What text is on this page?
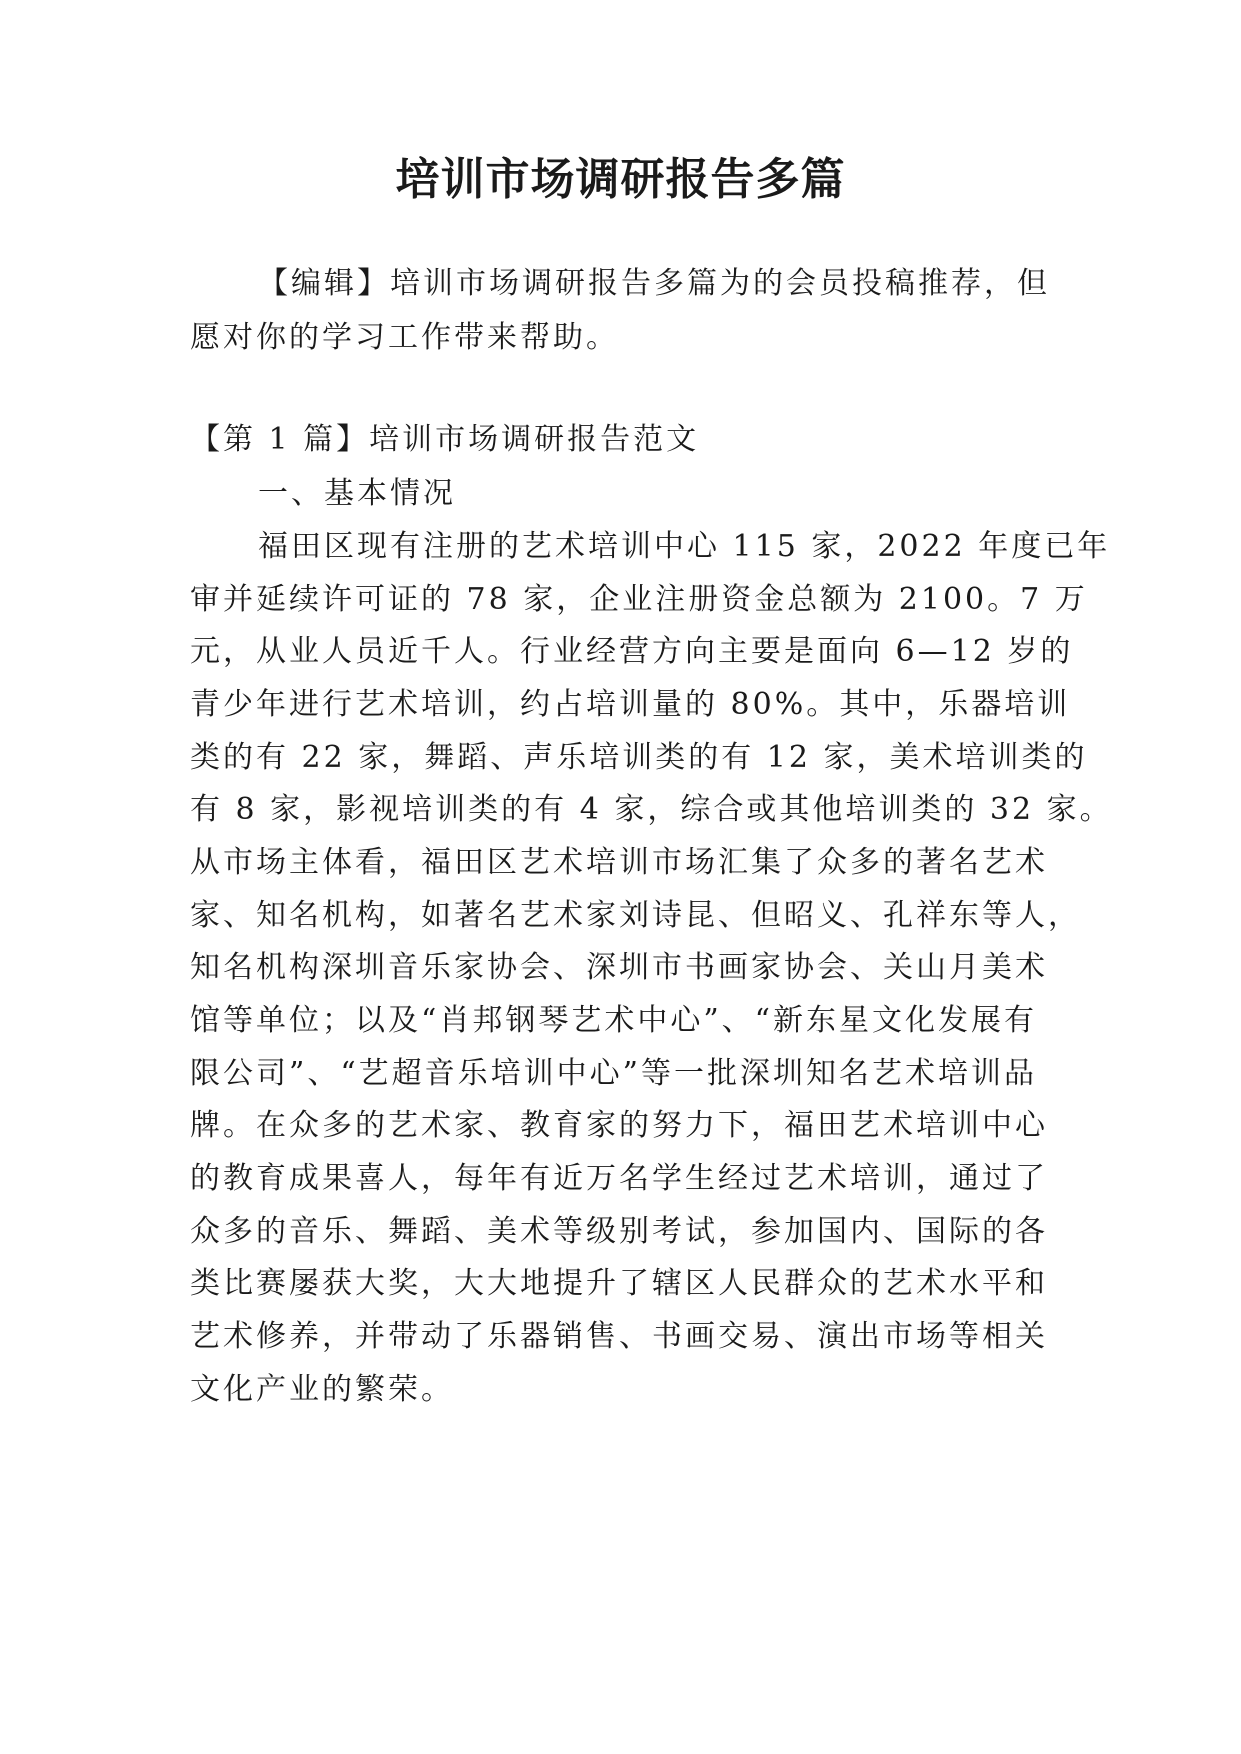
培训市场调研报告多篇
【编辑】培训市场调研报告多篇为的会员投稿推荐，但
愿对你的学习工作带来帮助。
【第 1 篇】培训市场调研报告范文
一、基本情况
福田区现有注册的艺术培训中心 115 家，2022 年度已年
审并延续许可证的 78 家，企业注册资金总额为 2100。7 万
元，从业人员近千人。行业经营方向主要是面向 6—12 岁的
青少年进行艺术培训，约占培训量的 80%。其中，乐器培训
类的有 22 家，舞蹈、声乐培训类的有 12 家，美术培训类的
有 8 家，影视培训类的有 4 家，综合或其他培训类的 32 家。
从市场主体看，福田区艺术培训市场汇集了众多的著名艺术
家、知名机构，如著名艺术家刘诗昆、但昭义、孔祥东等人，
知名机构深圳音乐家协会、深圳市书画家协会、关山月美术
馆等单位；以及“肖邦钢琴艺术中心”、“新东星文化发展有
限公司”、“艺超音乐培训中心”等一批深圳知名艺术培训品
牌。在众多的艺术家、教育家的努力下，福田艺术培训中心
的教育成果喜人，每年有近万名学生经过艺术培训，通过了
众多的音乐、舞蹈、美术等级别考试，参加国内、国际的各
类比赛屡获大奖，大大地提升了辖区人民群众的艺术水平和
艺术修养，并带动了乐器销售、书画交易、演出市场等相关
文化产业的繁荣。
